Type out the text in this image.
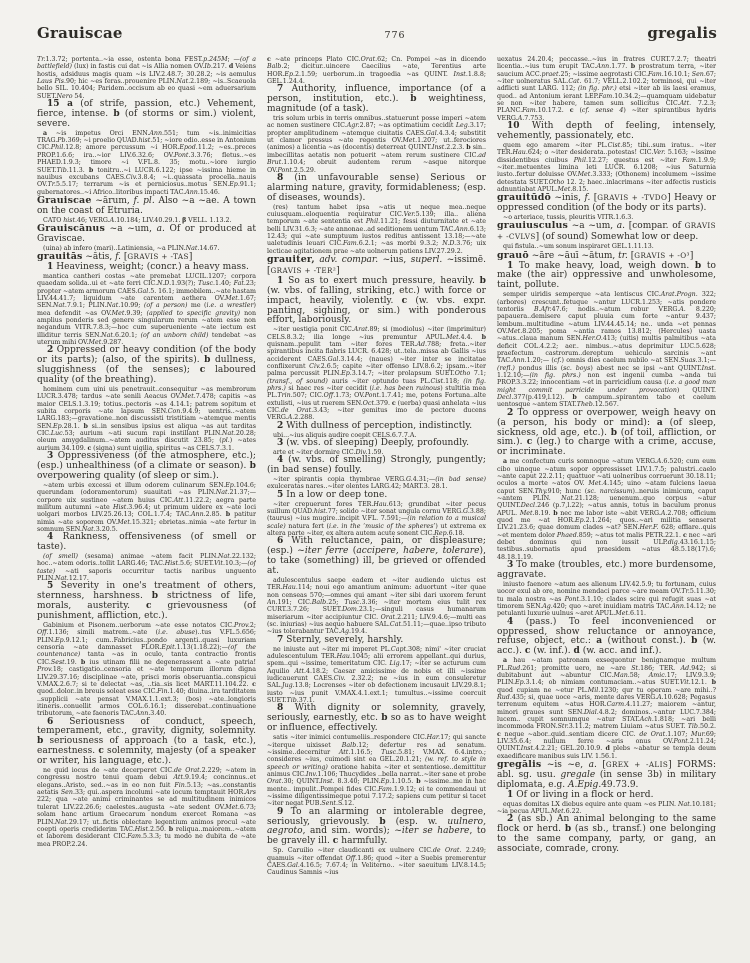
Grauiscae	776	gregalis

Tr.1.3.72; portenta..~ia esse, ostenta bona FEST.p.245M; —(of a battlefield) (lux) in fastis cui dat ~is Allia nomen OV.Ib.217. d Veiens hostis, adsiduus magis quam ~is LIV.2.48.7; 30.28.2; ~is aemulus Laus Pis.90; hic ~es feras..prouenire PLIN.Nat.2.189; ~is..Scaeuola bello SIL. 10.404; Paridem..occisum ab eo quasi ~em aduersarium SUET.Nero 54.

15 a (of strife, passion, etc.) Vehement, fierce, intense. b (of storms or sim.) violent, severe.

a ~is impetus Orci ENN.Ann.551; tum ~is..inimicitias TRAG.Pb.369; ~i proelio QUAD.hist.51; ~iore odio..esse in Antonium CIC.Phil.12.8; amore percussum ~i HOR.Epod.11.2; ~es..preces PROP.1.6.6; ira..~ior LIV.6.32.6; OV.Pont.3.3.76; fletus..~es PHAED.1.9.3; timore ~i V.FL.8. 35; motu..~iore iurgio SUET.Tib.11.3. b tonitru..~i LUCR.6.122; ipse ~issima hieme in nauibus excubans CAES.Civ.3.8.4; ~i..quassata procella..nauis OV.Tr.5.5.17; terrarum ~is et perniciosus..motus SEN.Ep.91.1; gubernatores..~i Africo..litoribus impacti TAC.Ann.15.46.

Grauiscae ~ārum, f. pl. Also ~a ~ae. A town on the coast of Etruria.

CATO hist.46; VERG.A.10.184; LIV.40.29.1. β VELL. 1.13.2.

Grauiscānus ~a ~um, a. Of or produced at Graviscae.

(uina) ab infero (mari)..Latiniensia, ~a PLIN.Nat.14.67.

grauitās ~ātis, f. [GRAVIS + -TAS]

1 Heaviness, weight; (concr.) a heavy mass.

mantica cantheri costas ~ate premebat LUCIL.1207; corpora quaedam solida..ui et ~ate ferri CIC.N.D.1.93(?); Tusc.1.40; Fat.23; propter ~atem armorum CAES.Gal.5. 16.1; immobilem..~ate hastam LIV.44.41.7; liquidum ~ate carentem aethera OV.Met.1.67; SEN.Nat.7.9.1; PLIN.Nat.10.99; (of a person) me (i.e. a wrestler) mea defendit ~as OV.Met.9.39; (applied to specific gravity) non amplius ponderis sed genere singularum rerum ~atem esse non negandum VITR.7.8.3;—hoc cum superueniente ~ate iectum est illiditur terris SEN.Nat.6.20.1; (of an unborn child) tendebat ~as uterum mihi OV.Met.9.287.

2 Oppressed or heavy condition (of the body or its parts); (also, of the spirits). b dullness, sluggishness (of the senses); c laboured quality (of the breathing).

hominem cum uini uis penetrauit..consequitur ~as membrorum LUCR.3.478; tardus ~ate senili Aeacus OV.Met.7.478; capitis ~as maior CELS.1.3.19; totius..pectoris ~as 4.14.1; patrem sopitum et subita corporis ~ate lapsum SEN.Con.9.4.9; uentris..~atem LARG.183;—gravatione..non discussisti tristitiam ~atemque mentis SEN.Ep.28.1. b si..in sensibus ipsius est aliqua ~as aut tarditas CIC.Luc.53; aurium ~ati sucum rapi instillant PLIN.Nat.20.28; oleum amygdalinum..~atem auditus discutit 23.85; (pl.) ~ates aurium 34.109. c (signa) sunt uigilia, spiritus ~as CELS.7.3.1.

3 Oppressiveness (of the atmosphere, etc.); (esp.) unhealthiness (of a climate or season). b overpowering quality (of sleep or sim.).

~atem urbis excessi et illum odorem culinarum SEN.Ep.104.6; querundam (odoramentorum) suauitati ~as PLIN.Nat.21.37;—corpore uix sustineo ~atem huius CIC.Att.11.22.2; aegra parte militum autumni ~ate Hist.3.96.4; ut primum uidere ex ~ate loci uolgari morbos LIV.25.26.13; COL.1.7.4; TAC.Ann.2.85. b patitur nimia ~ate soporem OV.Met.15.321; ebrietas..nimia ~ate fertur in somnum SEN.Nat.3.20.5.

4 Rankness, offensiveness (of smell or taste).

(of smell) (sesama) animae ~atem facit PLIN.Nat.22.132; hoc..~atem odoris..tollit LARG.46; TAC.Hist.5.6; SUET.Vit.10.3;—(of taste) ~ati saporis occurritur tactis naribus unguento PLIN.Nat.12.17.

5 Severity in one's treatment of others, sternness, harshness. b strictness of life, morals, austerity. c grievousness (of punishment, affliction, etc.).

Gabinium et Pisonem..uerborum ~ate esse notatos CIC.Prov.2; Off.1.136; simili matrem..~ate (i.e. abuse)..tus V.FL.5.656; PLIN.Ep.9.12.1; cum..Fabricius..pondo argenti..quasi luxuriam censoria ~ate damnasset FLOR.Epit.1.13(1.18.22);—(of the countenance) tanta ~as in oculo, tanta contractio frontis CIC.Sest.19. b ius utinam filii ne degenerassent a ~ate patria! Prov.18; castigatio..censoria et ~ate temporum illorum digna LIV.29.37.16; disciplinae ~ate, prisci moris obseruantia..conspicui V.MAX.2.6.7; si te delectat ~as, ..tia..sis licet MART.11.104.22. c quod..dolor..in breuis soleat esse CIC.Fin.1.40; diuina..ira tarditatem ..supplicii ~ate pensat V.MAX.1.1.ext.3; (bos) ~ate..longioris itineris..conuellit armos COL.6.16.1; disserebat..continuatione tributorum, ~ate faenoris TAC.Ann.3.40.

6 Seriousness of conduct, speech, temperament, etc., gravity, dignity, solemnity. b seriousness of approach (to a task, etc.), earnestness. c solemnity, majesty (of a speaker or writer, his language, etc.).

ne quid iocus de ~ate decerperet CIC.de Orat.2.229; ~atem in congressu nostro tenui quam debui Att.9.19.4; concinnus..et elegans..Aristo, sed..~as in eo non fuit Fin.5.13; ~as..constantis aetatis Sen.33; qui..aspera incolumi ~ate iocum temptauit HOR.Ars 222; qua ~ate animi criminantes se ad multitudinem inimicos tulerat LIV.22.26.6; caelestes..augusta ~ate sedent OV.Met.6.73; solam hanc artium Graecarum nondum exercet Romana ~as PLIN.Nat.29.17; ut..fictis oblectare legentium animos procul ~ate coepti operis crediderim TAC.Hist.2.50. b reliqua..maiorem..~atem et laborem desiderant CIC.Fam.5.3.3; tu modo ne dubita de ~ate mea PROP.2.24.

c ~ate princeps Plato CIC.Orat.62; Cn. Pompei ~as in dicendo Balb.2; dicitur..uincere Caecilius ~ate, Terentius arte HOR.Ep.2.1.59; uerborum..in tragoedia ~as QUINT. Inst.1.8.8; GEL.1.24.4.

7 Authority, influence, importance (of a person, institution, etc.). b weightiness, magnitude (of a task).

tris solum urbis in terris omnibus..statuerunt posse imperi ~atem ac nomen sustinere CIC.Agr.2.87; ~as optimatium cecidit Leg.3.17; propter amplitudinem ~atemque ciuitatis CAES.Gal.4.3.4; substitit ut clamor pressus ~ate regentis OV.Met.1.207; ut..ferociores (animos) a licentia ~as (docentis) deterreat QUINT.Inst.2.2.3. b sin.. imbecillitas aetatis non potuerit ~atem rerum sustinere CIC.ad Brut.1.10.4; obruit audentem rerum ~asque nitorque OV.Pont.2.5.29.

8 (in unfavourable sense) Serious or alarming nature, gravity, formidableness; (esp. of diseases, wounds).

(res) tantum habet ipsa ~atis ut neque mea..neque cuiusquam..eloquentia requiratur CIC.Ver.5.139; illa.. aliena temporum ~ate sententia est Phil.11.21; fessi diuturnitate et ~ate belli LIV.31.6.3; ~ate annonae..ad seditionem uentum TAC.Ann.6.13; 12.43; qui ~ate sumptuum iustos reditus antissent 13.18;—~ate ualetudinis leuari CIC.Fam.6.2.1; ~as morbi 9.3.2; N.D.3.76; uix lecticae agitationem prae ~ate uolnerum patiens LIV.27.29.2.

grauiter, adv. compar. ~ius, superl. ~issimē. [GRAVIS + -TER²]

1 So as to exert much pressure, heavily. b (w. vbs. of falling, striking, etc.) with force or impact, heavily, violently. c (w. vbs. expr. panting, sighing, or sim.) with ponderous effort, laboriously.

~iter uestigia ponit CIC.Arat.89; si (modiolus) ~iter (imprimitur) CELS.8.3.2; ilia longe ~ius premuntur APUL.Met.4.4. b quisnam..pepulit tam ~iter fores TER.Ad.788; freta..~iter spirantibus incita flabris LUCR. 6.428; ut..tela..missa ab Gallis ~ius acciderent CAES.Gal.3.14.4; (naues) ~iter inter se incitatae conflixerunt Civ.2.6.5; capite ~iter offenso LIV.8.6.2; ipsam..~iter palma percussit PLIN.Ep.3.14.7; ~iter prolapsum SUET.Otho 7.1; (transf., of sound) auris ~iter optundo tuas PL.Cist.118; (in fig. phrs.) si haec res ~iter cecidit (i.e. has been ruinous) stultitia mea PL.Trin.507; CIC.Off.1.73; OV.Pont.1.7.41; me, potens Fortuna..alte extulisti, ~ius ut ruerem SEN.Oct.379. c (uerba) quasi anhelata ~ius CIC.de Orat.3.43; ~iter gemitus imo de pectore ducens VERG.A.2.288.

2 With dullness of perception, indistinctly.

ubi...~ius aliquis audire coepit CELS.6.7.7.A.

3 (w. vbs. of sleeping) Deeply, profoundly.

arte et ~iter dormire CIC.Div.1.59.

4 (w. vbs. of smelling) Strongly, pungently; (in bad sense) foully.

~iter spirantis copia thymbrae VERG.G.4.31;—(in bad sense) exulceratas nares..~iter olentes LARG.42; MART.3. 28.1.

5 In a low or deep tone.

~iter crepuerunt fores TER.Hau.613; grundibat ~iter pecus suillum QUAD.hist.77; solido ~iter sonat ungula cornu VERG.G.3.88; (taurus) ~ius mugire..incipit V.FL. 7.591;—(in relation to a musical scale) natura fert (i.e. in the ‘music of the spheres’) ut extrema ex altera parte ~iter, ex altera autem acute sonent CIC.Rep.6.18.

6 With reluctance, pain, or displeasure; (esp.) ~iter ferre (accipere, habere, tolerare), to take (something) ill, be grieved or offended at.

adulescentulus saepe eadem et ~iter audiendo uictus est TER.Hau.114; noui ego amantium animum: aduortunt ~iter quae non censeas 570;—omnes qui amant ~iter sibi dari uxorem ferunt An.191; CIC.Balb.25; Tusc.3.36; ~iter mortem eius tulit rex CURT.3.7.26; SUET.Dom.23.1;—singuli casus humanarum miseriarum ~iter accipiuntur CIC. Orat.2.211; LIV.9.4.6;—multi eas (sc. iniurias) ~ius aequo habuere SAL.Cat.51.11;—quae..ipso tributo ~ius tolerabantur TAC.Ag.19.4.

7 Sternly, severely, harshly.

ne iniuste aut ~iter mi imperet PL.Capt.308; nimi' ~iter cruciat adulescentulum TER.Hau.1045; alii errorem appellant..qui durius, spem..qui ~issime, temeritatum CIC. Lig.17; ~iter se acturum cum Aquilio Att.4.18.2; Caesar amicissime de nobis et illi ~issime iudicauerunt CAES.Civ. 2.32.2; ne ~ius in eum consuleretur SAL.Jug.13.8; Locrenses ~iter ob defectionem incusauit LIV.29.8.1; iusto ~ius punit V.MAX.4.1.ext.1; tumultus..~issime coercuit SUET.Tib.37.1.

8 With dignity or solemnity, gravely, seriously, earnestly, etc. b so as to have weight or influence, effectively.

satis ~iter inimici contumeliis..respondere CIC.Har.17; qui sancte ~iterque uixisset Balb.12; defertur res ad senatum. ~issime..decernitur Att.1.16.5; Tusc.5.81; V.MAX. 6.4.intro.; consideres ~ius, cuimodi sint ea GEL.20.1.21; (w. ref. to style in speech or writing) oratione habita ~iter et sententiose..demittitur animus CIC.Inv.1.106; Thucydides ..bella narrat..~iter sane et probe Orat.30; QUINT.Inst. 8.3.40; PLIN.Ep.1.10.5. b ~issime..me in hac mente.. impulit..Pompei fides CIC.Fam.1.9.12; ei te commendaui ut ~issime diligentissimeque potui 7.17.2; sapiens cum petitur si tacet ~iter negat PUB.Sent.S.12.

9 To an alarming or intolerable degree, seriously, grievously. b (esp. w. uulnero, aegroto, and sim. words); ~iter se habere, to be gravely ill. c harmfully.

Sp. Caruilio ~iter claudicanti ex uulnere CIC.de Orat. 2.249; quamuis ~iter offendat Off.1.86; quod ~iter a Suebis premerentur CAES.Gal.4.16.5; 7.67.4; in Veliterno.. ~iter saeuitum LIV.8.14.5; Caudinus Samnis ~ius

uexatus 24.20.4; peccasse..~ius in fratres CURT.7.2.7; theatri licentia..~ius tum erupit TAC.Ann.1.77. b prostratum terra, ~iter saucium ACC.praet.25; ~issime aegrotasti CIC.Fam.16.10.1; Sen.67; ~iter uolneratus SAL.Cat. 61.7; VELL.2.102.2; torminosi, qui ~iter adflicti sunt LARG. 112; (in fig. phr.) etsi ~iter ab iis laesi eramus, quod.. ad Antonium ierant LEP.Fam.10.34.2;—quamquam uidebatur se non ~iter habere, tamen sum sollicitus CIC.Att. 7.2.3; PLANC.Fam.10.17.2. c (cf. sense 4) ~iter spirantibus hydris VERG.A.7.753.

10 With depth of feeling, intensely, vehemently, passionately, etc.

quem ego amarem ~iter PL.Cist.85; tibi..sum iratus.. ~iter TER.Hau.624; o ~iter desiderata..potestas! CIC.Ver. 5.163; ~issime dissidentibus ciuibus Phil.12.27; questus est ~iter Fam.1.9.9; ~iter..metuentes limina leti LUCR. 6.1208; ~ius Saturnia iusto..fertur doluisse OV.Met.3.333; (Othonem) incolumem ~issime detestata SUET.Otho 12. 2; haec..inlacrimans ~iter adfectis rusticis adnuntiabat APUL.Met.8.15.

grauitūdō ~inis, f. [GRAVIS + -TVDO] Heavy or oppressed condition (of the body or its parts).

~o arteriace, tussis, pleuritis VITR.1.6.3.

grauiusculus ~a ~um, a. [compar. of GRAVIS + -CVLVS] (of sound) Somewhat low or deep.

qui fistula..~um sonum inspiraret GEL.1.11.13.

grauō ~āre ~āuī ~ātum, tr. [GRAVIS + -O³]

1 To make heavy, load, weigh down. b to make (the air) oppressive and unwholesome, taint, pollute.

semper uiridis semperque ~ata lentiscus CIC.Arat.Progn. 322; (arbores) crescunt..fetuque ~antur LUCR.1.253; ~atis pondere tentoriis B.Afr.47.6; nodis..~atum robur VERG.A. 8.220; papauera..demisere caput pluuia cum forte ~antur 9.437; lembum..multitudine ~atum LIV.44.45.14; ne.. unda ~et pennas OV.Met.8.205; poma ~antia ramos 13.812; (Hercules) uasta ~atus..claua manum SEN.Her.O.413; (uitis) multis palmitibus ~ata deficit COL.4.2.2; aer.. nimbus..~atus deprimitur LUC.5.628; praefectum castrorum..dereptum uehiculo sarcinis ~ant TAC.Ann.1.20;— (cf.) omnis dies caelum nubilo ~at SEN.Suas.3.1;—(refl.) pondus illis (sc. boys) abest nec se ipsi ~ant QUINT.Inst. 1.12.10;—(in fig. phrs.) non est ingenii cumba ~anda tui PROP.3.3.22; innocentiam ~et in parricidium causa (i.e. a good man might commit parricide under provocation) QUINT. Decl.377(p.419,l.12). b campum..spirantem tabo et caelum uentosque ~antem STAT.Theb.12.567.

2 To oppress or overpower, weigh heavy on (a person, his body or mind): a (of sleep, sickness, old age, etc.). b (of toil, affliction, or sim.). c (leg.) to charge with a crime, accuse, or incriminate.

a me confectum curis somnoque ~atum VERG.A.6.520; cum eum cibo uinoque ~atum sopor oppressisset LIV.1.7.5; palustri..caelo ~ante caput 22.2.11; quattuor ~ati uolneribus corruerunt 30.18.11; oculos a morte ~atos OV. Met.4.145; uino ~atam fulciens laeua caput SEN.Thy.910; hunc (sc. narcissum)..neruis inimicum, caput ~antem PLIN. Nat.21.128; uenenum..quo corpus ~atur QUINT.Decl.246 (p.7,l.22); ~atus annis, totus in baculum pronus APUL. Met.8.19. b nec me labor iste ~abit VERG.A.2.708; officium quod me ~at HOR.Ep.2.1.264; quos..~ari militia senserat LIV.21.23.6; quae domum clades ~at? SEN.Her.F. 628; efflare..quis ~et mentem dolor Phaed.859; ~atus tot malis PETR.22.1. c nec ~ari debet dominus qui non iussit ULP.dig.43.16.1.15; testibus..subornatis apud praesidem ~atus 48.5.18(17).6; 48.18.1.19.

3 To make (troubles, etc.) more burdensome, aggravate.

iniusto faenore ~atum aes alienum LIV.42.5.9; tu fortunam, cuius uocor exul ab ore, nomine mendaci parce ~are meam OV.Tr.5.11.30; tu mala nostra ~as Pont.3.1.10; clades scire qui refugit suas ~at timorem SEN.Ag.420; quo ~aret inuidiam matris TAC.Ann.14.12; ne petulanti luxurie uulnus ~aret APUL.Met.6.11.

4 (pass.) To feel inconvenienced or oppressed, show reluctance or annoyance, refuse, object, etc.: a (without const.). b (w. acc.). c (w. inf.). d (w. acc. and inf.).

a hau ~atam patronam exsequontur benignamque multum PL.Rud.261; promitte uero, ne ~are St.186; TER. Ad.942; si dubitabunt aut ~abuntur CIC.Man.58; Amic.17; LIV.9.3.9; PLIN.Ep.3.1.4; ob nimiam contumaciam..~atus SUET.Vit.12.1. b quod cupiam ne ~etur PL.Mil.1230; qur tu operam ~are mihi..? Rud.435; si, quae uoce ~aris, mente dares VERG.A.10.628; Pegasus terrenum equitem ~atus HOR.Carm.4.11.27; maiorem ~antur, minori graues sunt SEN.Dial.4.8.2; dominos..~antur LUC.7.384; lucem.. cupit somnumque ~atur STAT.Ach.1.818; ~ari belli incommoda FRON.Str.3.11.2; matrem Liuiam ~atus SUET. Tib.50.2. c neque ~abor..quid..sentiam dicere CIC. de Orat.1.107; Mur.69; LIV.35.6.4; nullum ferre ~aris onus OV.Pont.2.11.24; QUINT.Inst.4.2.21; GEL.20.10.9. d plebs ~abatur se templa deum exaedificare manibus suis LIV. 1.56.1.

gregālis ~is ~e, a. [GREX + -ALIS] FORMS: abl. sg. usu. gregale (in sense 3b) in military diplomata, e.g. A.Epig.49.73.9.

1 Of or living in a flock or herd.

equas domitas LX diebus equire ante quam ~es PLIN. Nat.10.181; ~ia pecua APUL.Met.6.22.

2 (as sb.) An animal belonging to the same flock or herd. b (as sb., transf.) one belonging to the same company, party, or gang, an associate, comrade, crony.
